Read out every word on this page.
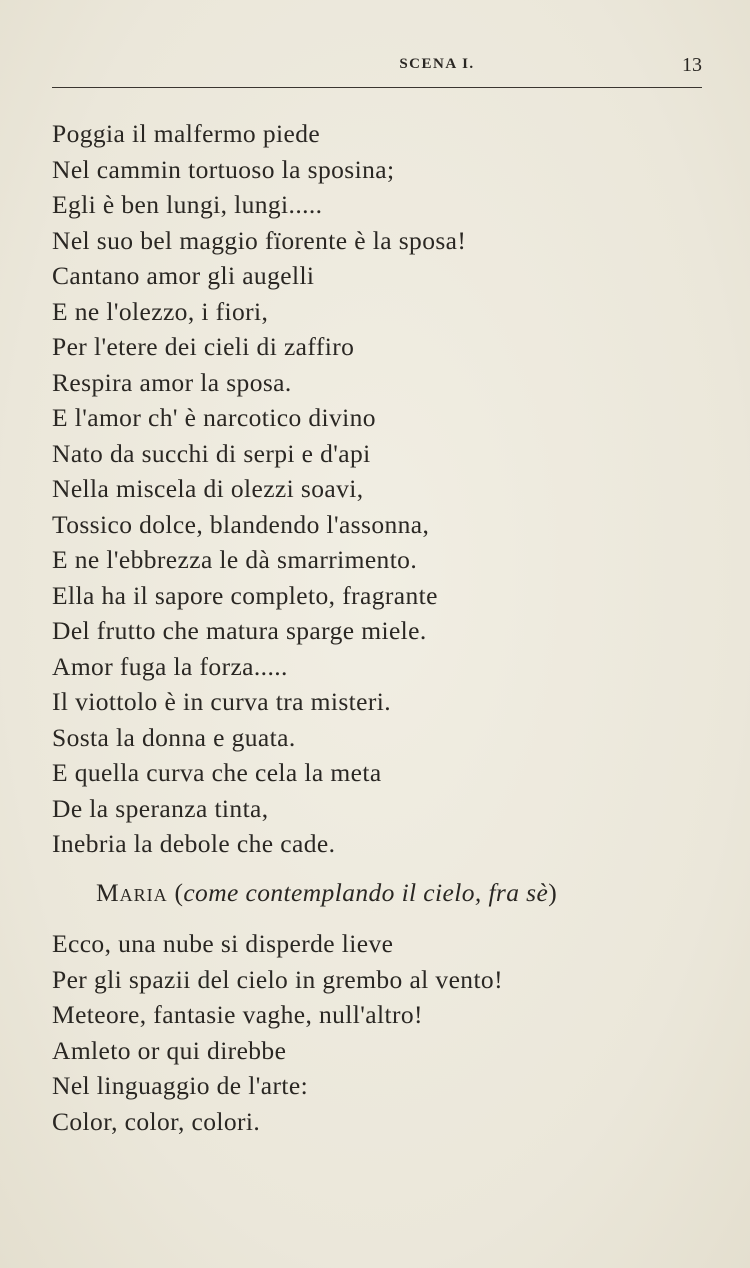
SCENA I.	13
Poggia il malfermo piede
Nel cammin tortuoso la sposina;
Egli è ben lungi, lungi.....
Nel suo bel maggio fïorente è la sposa!
Cantano amor gli augelli
E ne l'olezzo, i fiori,
Per l'etere dei cieli di zaffiro
Respira amor la sposa.
E l'amor ch' è narcotico divino
Nato da succhi di serpi e d'api
Nella miscela di olezzi soavi,
Tossico dolce, blandendo l'assonna,
E ne l'ebbrezza le dà smarrimento.
Ella ha il sapore completo, fragrante
Del frutto che matura sparge miele.
Amor fuga la forza.....
Il viottolo è in curva tra misteri.
Sosta la donna e guata.
E quella curva che cela la meta
De la speranza tinta,
Inebria la debole che cade.
Maria (come contemplando il cielo, fra sè)
Ecco, una nube si disperde lieve
Per gli spazii del cielo in grembo al vento!
Meteore, fantasie vaghe, null'altro!
Amleto or qui direbbe
Nel linguaggio de l'arte:
Color, color, colori.
